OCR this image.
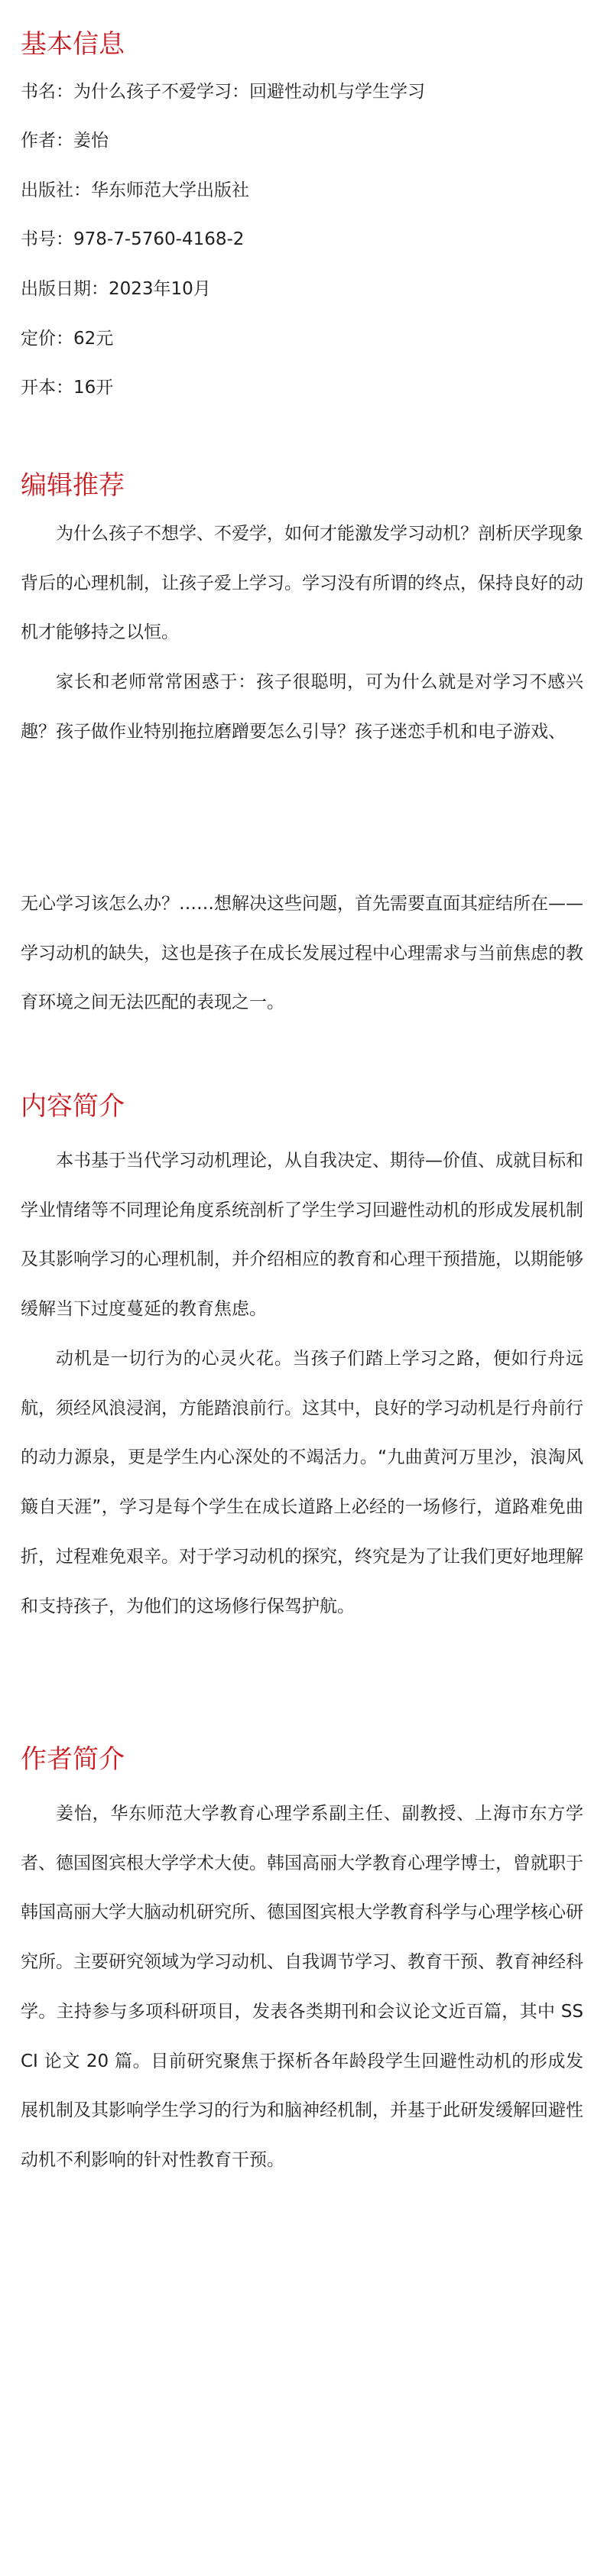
基本信息

书名：为什么孩子不爱学习：回避性动机与学生学习

作者：姜怡

出版社：华东师范大学出版社

书号：978-7-5760-4168-2

出版日期：2023年10月

定价：62元

开本：16开

编辑推荐

为什么孩子不想学、不爱学，如何才能激发学习动机？剖析厌学现象背后的心理机制，让孩子爱上学习。学习没有所谓的终点，保持良好的动机才能够持之以恒。

家长和老师常常困惑于：孩子很聪明，可为什么就是对学习不感兴趣？孩子做作业特别拖拉磨蹭要怎么引导？孩子迷恋手机和电子游戏、

无心学习该怎么办？……想解决这些问题，首先需要直面其症结所在——学习动机的缺失，这也是孩子在成长发展过程中心理需求与当前焦虑的教育环境之间无法匹配的表现之一。

内容简介

本书基于当代学习动机理论，从自我决定、期待—价值、成就目标和学业情绪等不同理论角度系统剖析了学生学习回避性动机的形成发展机制及其影响学习的心理机制，并介绍相应的教育和心理干预措施，以期能够缓解当下过度蔓延的教育焦虑。

动机是一切行为的心灵火花。当孩子们踏上学习之路，便如行舟远航，须经风浪浸润，方能踏浪前行。这其中，良好的学习动机是行舟前行的动力源泉，更是学生内心深处的不竭活力。“九曲黄河万里沙，浪淘风簸自天涯”，学习是每个学生在成长道路上必经的一场修行，道路难免曲折，过程难免艰辛。对于学习动机的探究，终究是为了让我们更好地理解和支持孩子，为他们的这场修行保驾护航。

作者简介

姜怡，华东师范大学教育心理学系副主任、副教授、上海市东方学者、德国图宾根大学学术大使。韩国高丽大学教育心理学博士，曾就职于韩国高丽大学大脑动机研究所、德国图宾根大学教育科学与心理学核心研究所。主要研究领域为学习动机、自我调节学习、教育干预、教育神经科学。主持参与多项科研项目，发表各类期刊和会议论文近百篇，其中 SSCI 论文 20 篇。目前研究聚焦于探析各年龄段学生回避性动机的形成发展机制及其影响学生学习的行为和脑神经机制，并基于此研发缓解回避性动机不利影响的针对性教育干预。
